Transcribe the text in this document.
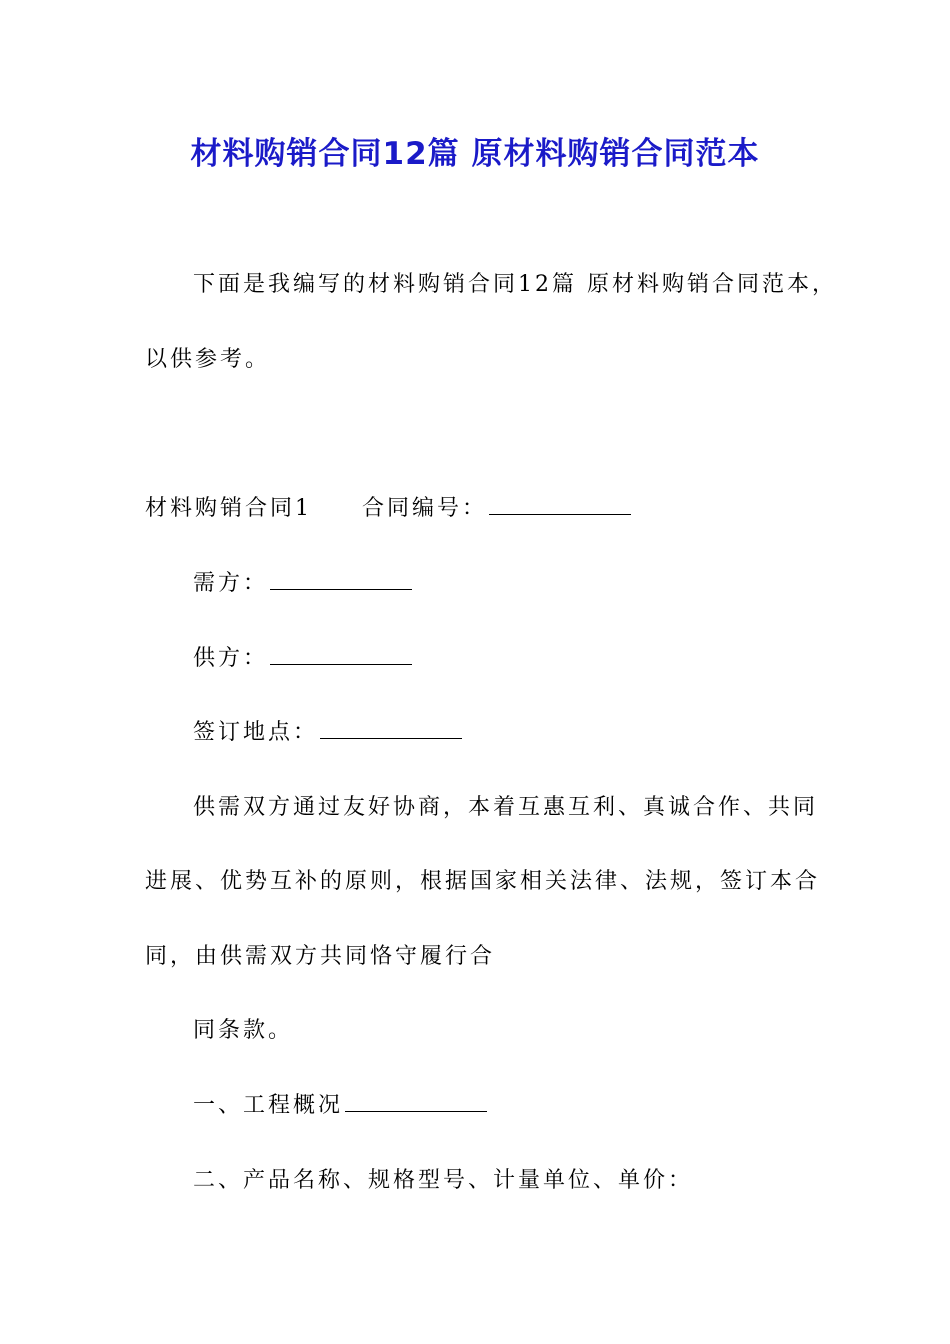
材料购销合同12篇 原材料购销合同范本
下面是我编写的材料购销合同12篇 原材料购销合同范本，
以供参考。
材料购销合同1 合同编号：
需方：
供方：
签订地点：
供需双方通过友好协商，本着互惠互利、真诚合作、共同
进展、优势互补的原则，根据国家相关法律、法规，签订本合
同，由供需双方共同恪守履行合
同条款。
一、工程概况
二、产品名称、规格型号、计量单位、单价：
